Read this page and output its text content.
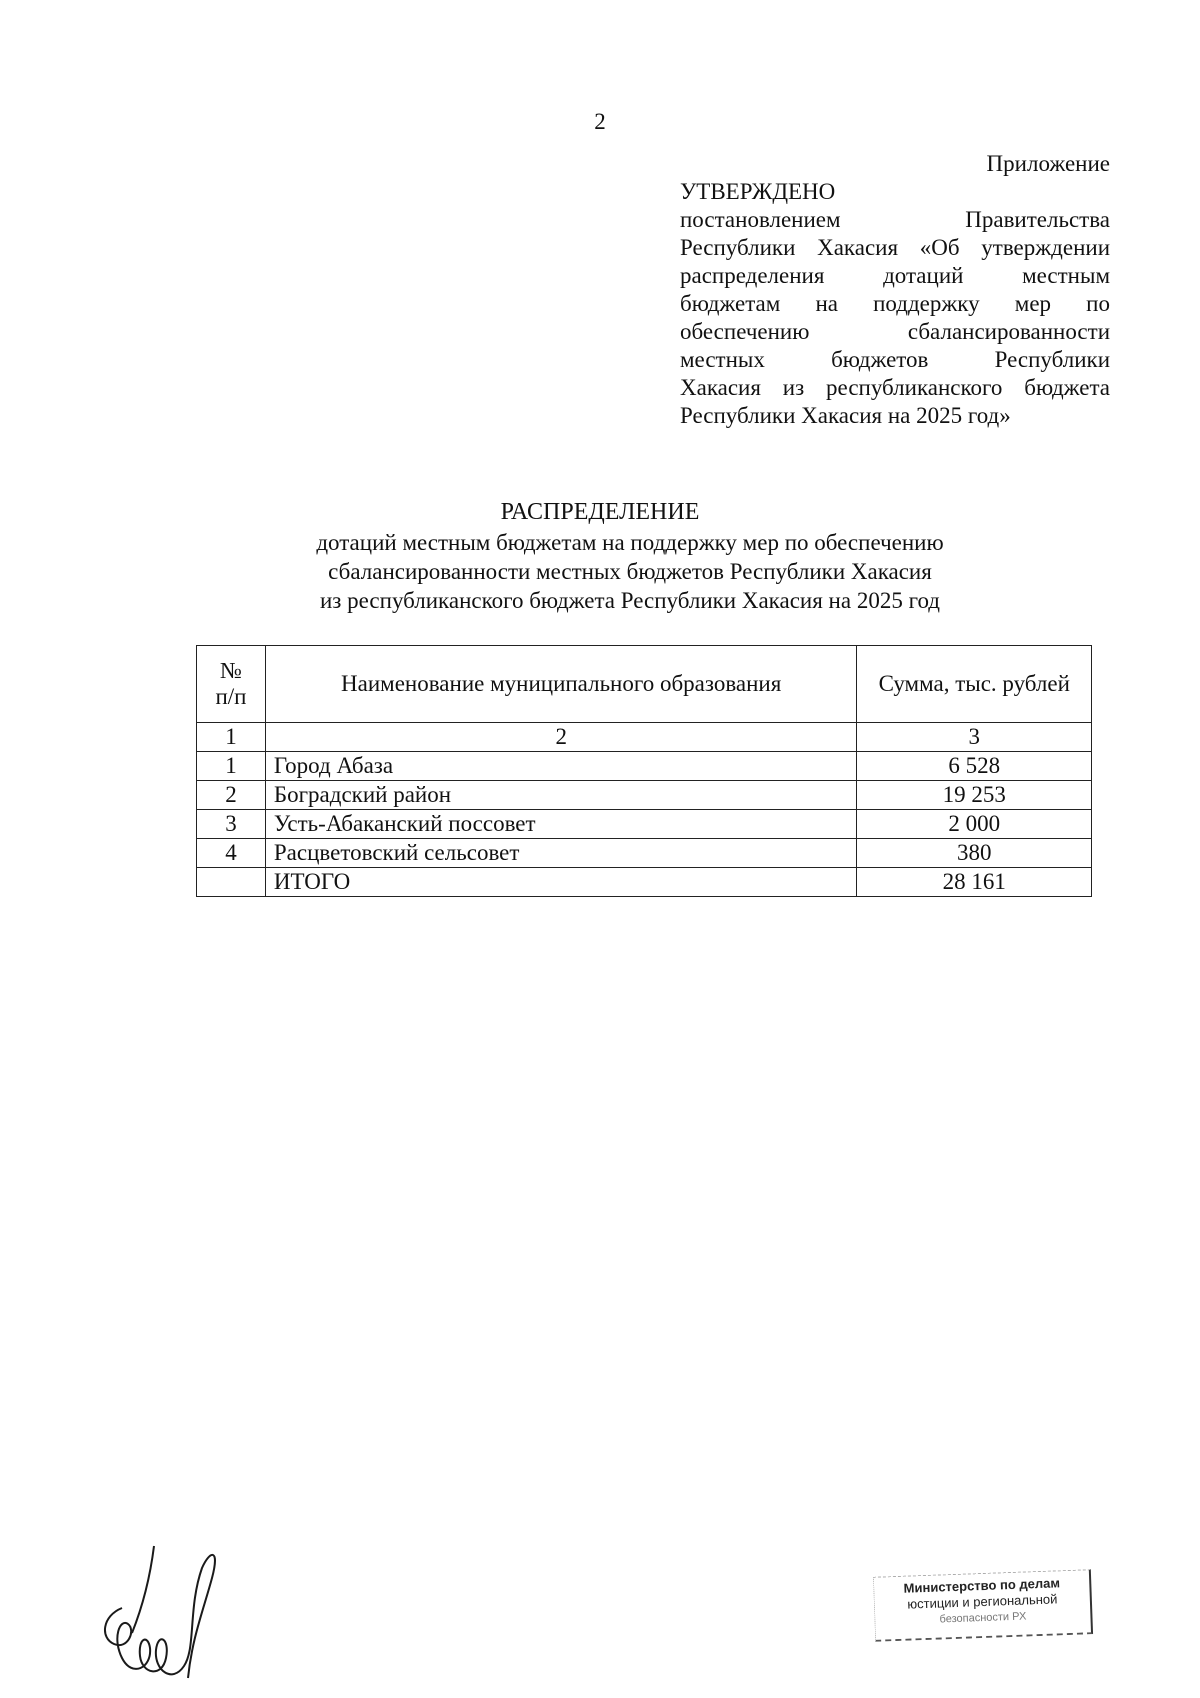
2
Приложение
УТВЕРЖДЕНО
постановлением Правительства
Республики Хакасия «Об утверждении
распределения дотаций местным
бюджетам на поддержку мер по
обеспечению сбалансированности
местных бюджетов Республики
Хакасия из республиканского бюджета
Республики Хакасия на 2025 год»
РАСПРЕДЕЛЕНИЕ
дотаций местным бюджетам на поддержку мер по обеспечению
сбалансированности местных бюджетов Республики Хакасия
из республиканского бюджета Республики Хакасия на 2025 год
№
п/п	Наименование муниципального образования	Сумма, тыс. рублей
1	2	3
1	Город Абаза	6 528
2	Боградский район	19 253
3	Усть-Абаканский поссовет	2 000
4	Расцветовский сельсовет	380
	ИТОГО	28 161
Министерство по делам
юстиции и региональной
безопасности РХ
